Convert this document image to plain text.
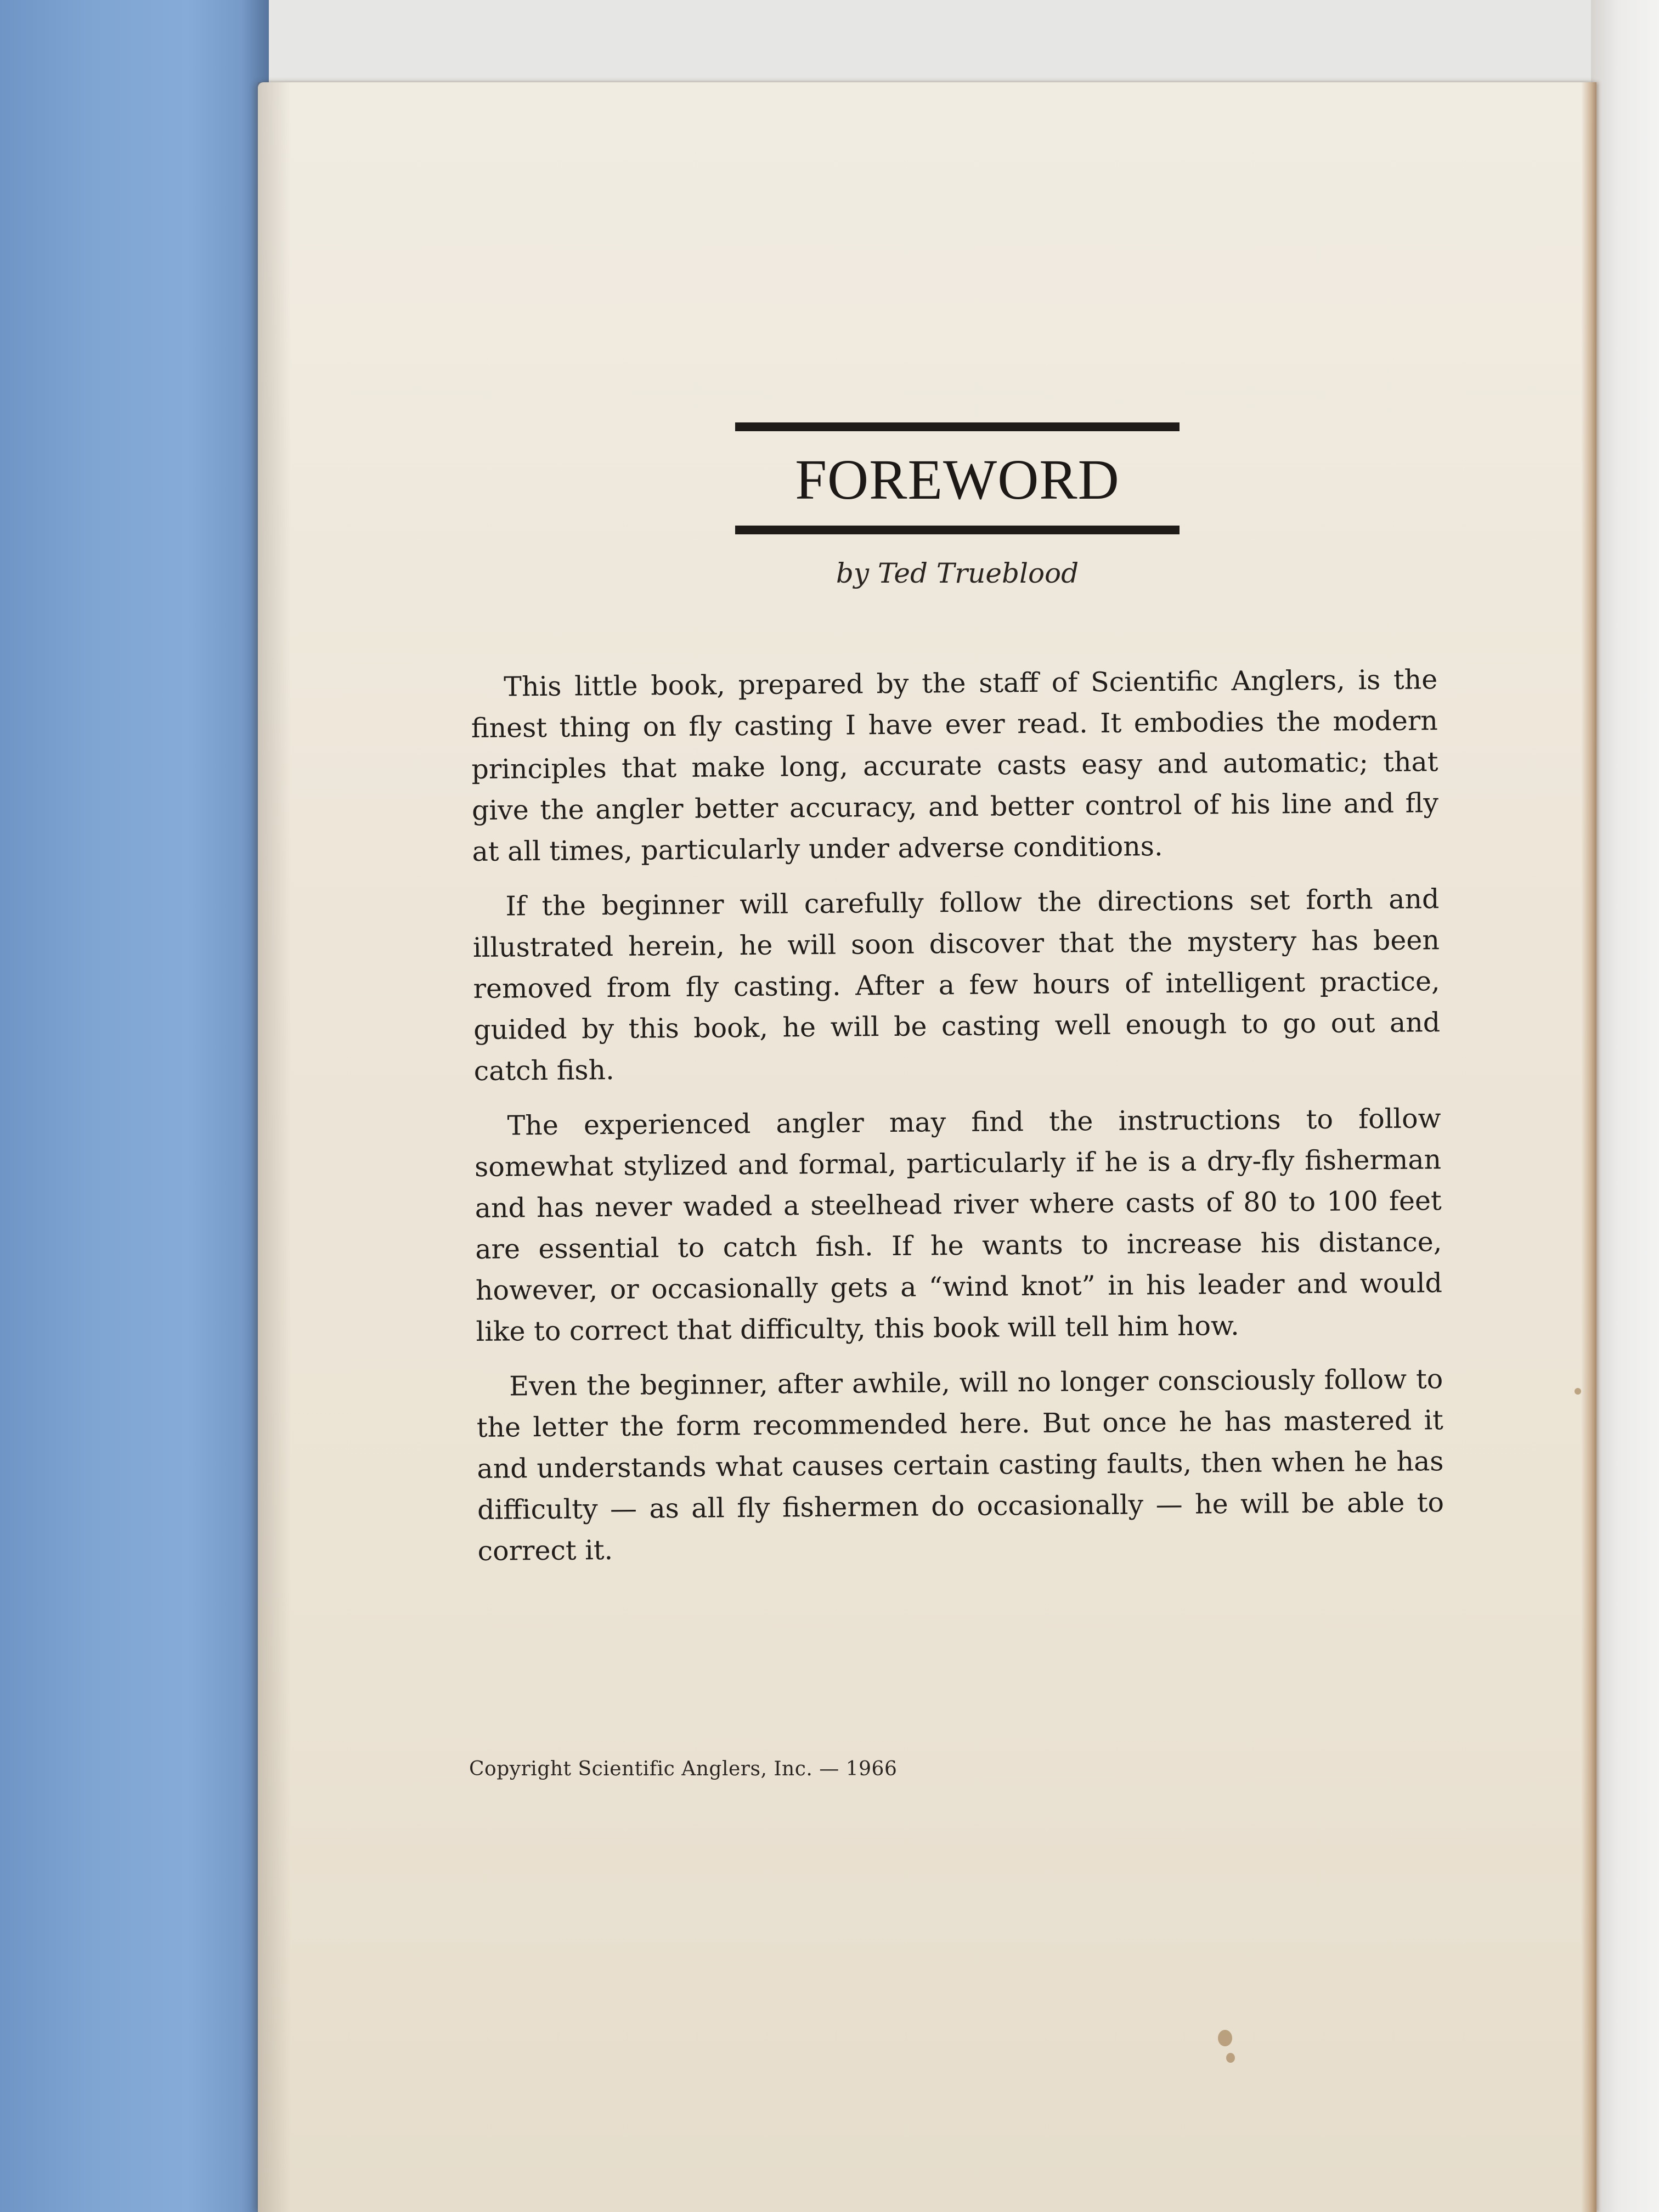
FOREWORD
by Ted Trueblood

This little book, prepared by the staff of Scientific Anglers, is the finest thing on fly casting I have ever read. It embodies the modern principles that make long, accurate casts easy and automatic; that give the angler better accuracy, and better control of his line and fly at all times, particularly under adverse conditions.

If the beginner will carefully follow the directions set forth and illustrated herein, he will soon discover that the mystery has been removed from fly casting. After a few hours of intelligent practice, guided by this book, he will be casting well enough to go out and catch fish.

The experienced angler may find the instructions to follow somewhat stylized and formal, particularly if he is a dry-fly fisherman and has never waded a steelhead river where casts of 80 to 100 feet are essential to catch fish. If he wants to increase his distance, however, or occasionally gets a “wind knot” in his leader and would like to correct that difficulty, this book will tell him how.

Even the beginner, after awhile, will no longer consciously follow to the letter the form recommended here. But once he has mastered it and understands what causes certain casting faults, then when he has difficulty — as all fly fishermen do occasionally — he will be able to correct it.

Copyright Scientific Anglers, Inc. — 1966
